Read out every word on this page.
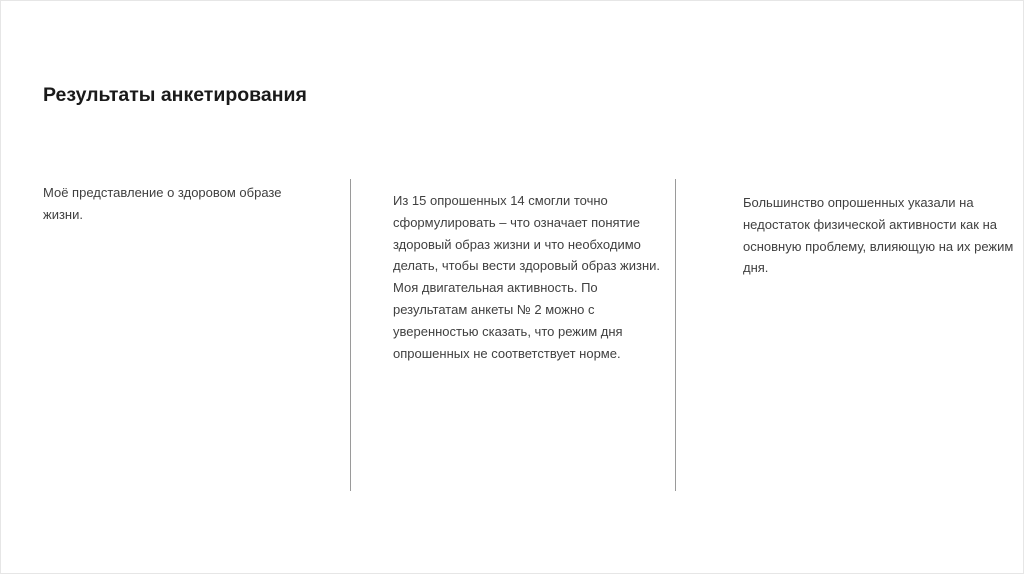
Результаты анкетирования

Моё представление о здоровом образе жизни.

Из 15 опрошенных 14 смогли точно сформулировать – что означает понятие здоровый образ жизни и что необходимо делать, чтобы вести здоровый образ жизни. Моя двигательная активность. По результатам анкеты № 2 можно с уверенностью сказать, что режим дня опрошенных не соответствует норме.

Большинство опрошенных указали на недостаток физической активности как на основную проблему, влияющую на их режим дня.
